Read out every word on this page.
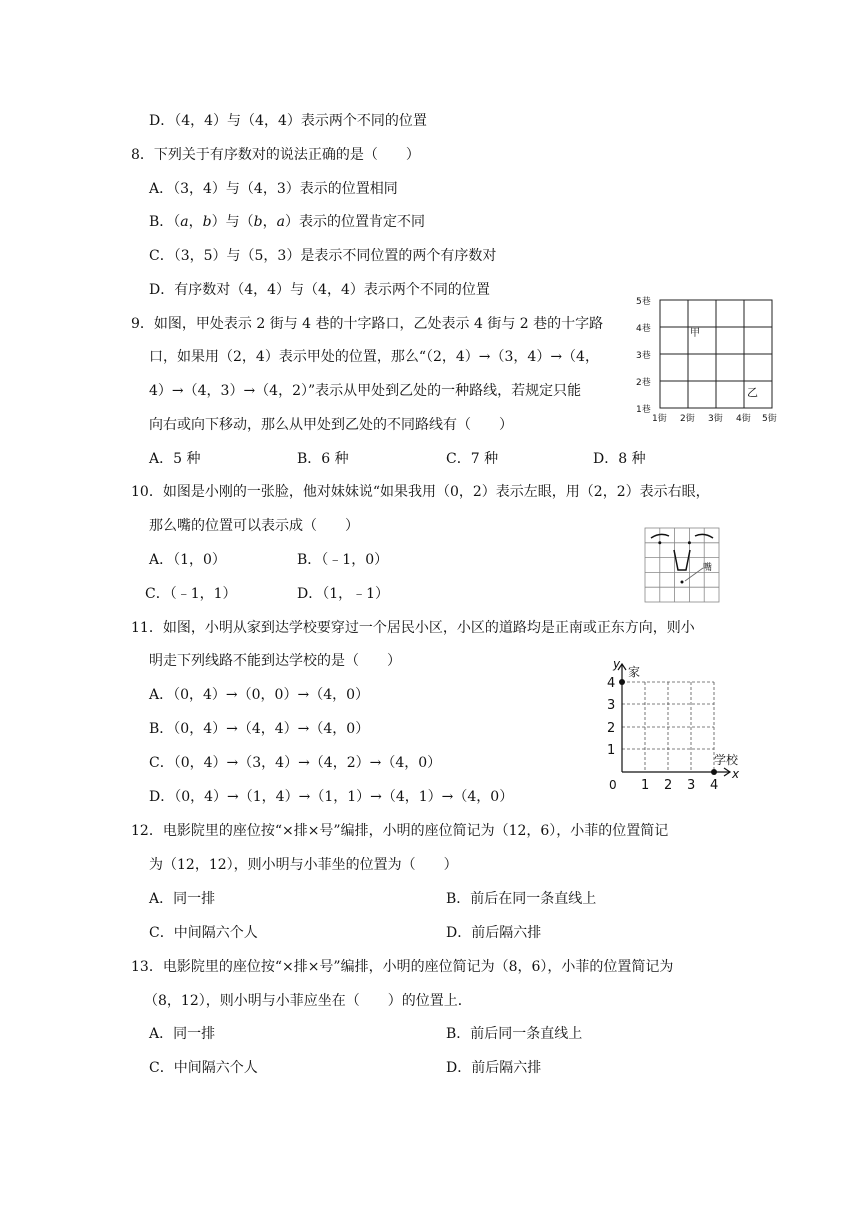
D．（4，4）与（4，4）表示两个不同的位置
8．下列关于有序数对的说法正确的是（　　）
A．（3，4）与（4，3）表示的位置相同
B．（a，b）与（b，a）表示的位置肯定不同
C．（3，5）与（5，3）是表示不同位置的两个有序数对
D．有序数对（4，4）与（4，4）表示两个不同的位置
9．如图，甲处表示 2 街与 4 巷的十字路口，乙处表示 4 街与 2 巷的十字路
口，如果用（2，4）表示甲处的位置，那么“（2，4）→（3，4）→（4，
4）→（4，3）→（4，2）”表示从甲处到乙处的一种路线，若规定只能
向右或向下移动，那么从甲处到乙处的不同路线有（　　）
A．5 种	B．6 种	C．7 种	D．8 种
5巷
4巷
3巷
2巷
1巷
1街 2街 3街 4街 5街
甲
乙
10．如图是小刚的一张脸，他对妹妹说“如果我用（0，2）表示左眼，用（2，2）表示右眼，
那么嘴的位置可以表示成（　　）
A．（1，0）	B．（﹣1，0）
C．（﹣1，1）	D．（1，﹣1）
嘴
11．如图，小明从家到达学校要穿过一个居民小区，小区的道路均是正南或正东方向，则小
明走下列线路不能到达学校的是（　　）
A．（0，4）→（0，0）→（4，0）
B．（0，4）→（4，4）→（4，0）
C．（0，4）→（3，4）→（4，2）→（4，0）
D．（0，4）→（1，4）→（1，1）→（4，1）→（4，0）
y
x
家
学校
0 1 2 3 4
1
2
3
4
12．电影院里的座位按“×排×号”编排，小明的座位简记为（12，6），小菲的位置简记
为（12，12），则小明与小菲坐的位置为（　　）
A．同一排	B．前后在同一条直线上
C．中间隔六个人	D．前后隔六排
13．电影院里的座位按“×排×号”编排，小明的座位简记为（8，6），小菲的位置简记为
（8，12），则小明与小菲应坐在（　　）的位置上．
A．同一排	B．前后同一条直线上
C．中间隔六个人	D．前后隔六排
